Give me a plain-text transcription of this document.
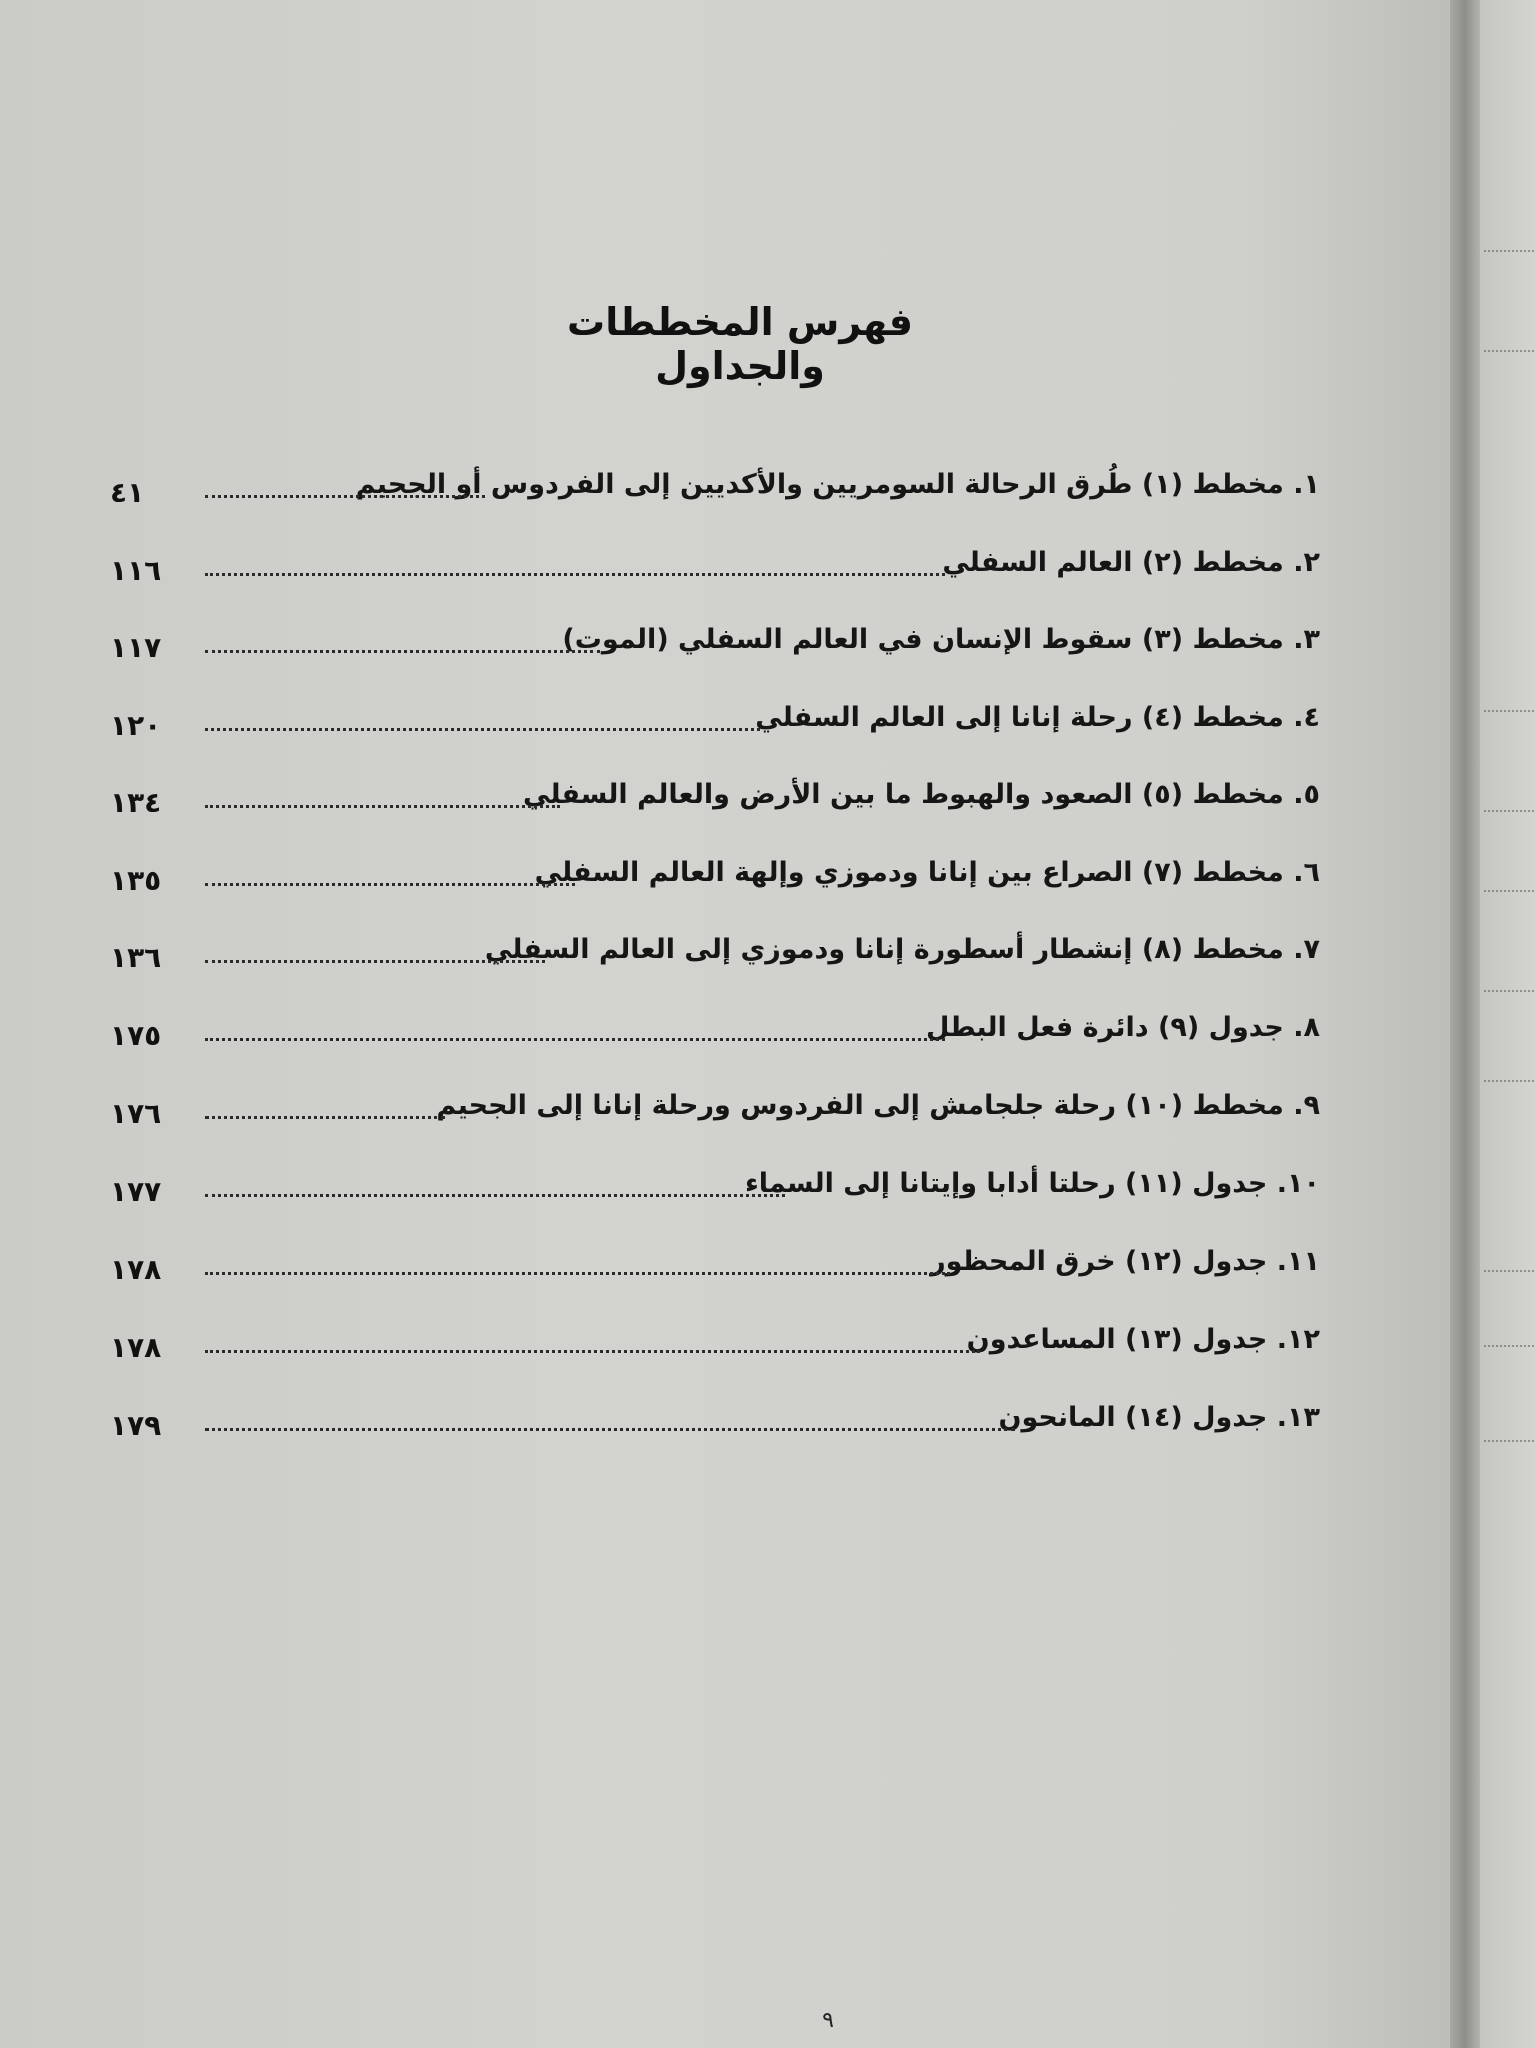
فهرس المخططات والجداول
١. مخطط (١) طُرق الرحالة السومريين والأكديين إلى الفردوس أو الجحيم
٤١
٢. مخطط (٢) العالم السفلي
١١٦
٣. مخطط (٣) سقوط الإنسان في العالم السفلي (الموت)
١١٧
٤. مخطط (٤) رحلة إنانا إلى العالم السفلي
١٢٠
٥. مخطط (٥) الصعود والهبوط ما بين الأرض والعالم السفلي
١٣٤
٦. مخطط (٧) الصراع بين إنانا ودموزي وإلهة العالم السفلي
١٣٥
٧. مخطط (٨) إنشطار أسطورة إنانا ودموزي إلى العالم السفلي
١٣٦
٨. جدول (٩) دائرة فعل البطل
١٧٥
٩. مخطط (١٠) رحلة جلجامش إلى الفردوس ورحلة إنانا إلى الجحيم
١٧٦
١٠. جدول (١١) رحلتا أدابا وإيتانا إلى السماء
١٧٧
١١. جدول (١٢) خرق المحظور
١٧٨
١٢. جدول (١٣) المساعدون
١٧٨
١٣. جدول (١٤) المانحون
١٧٩
٩
